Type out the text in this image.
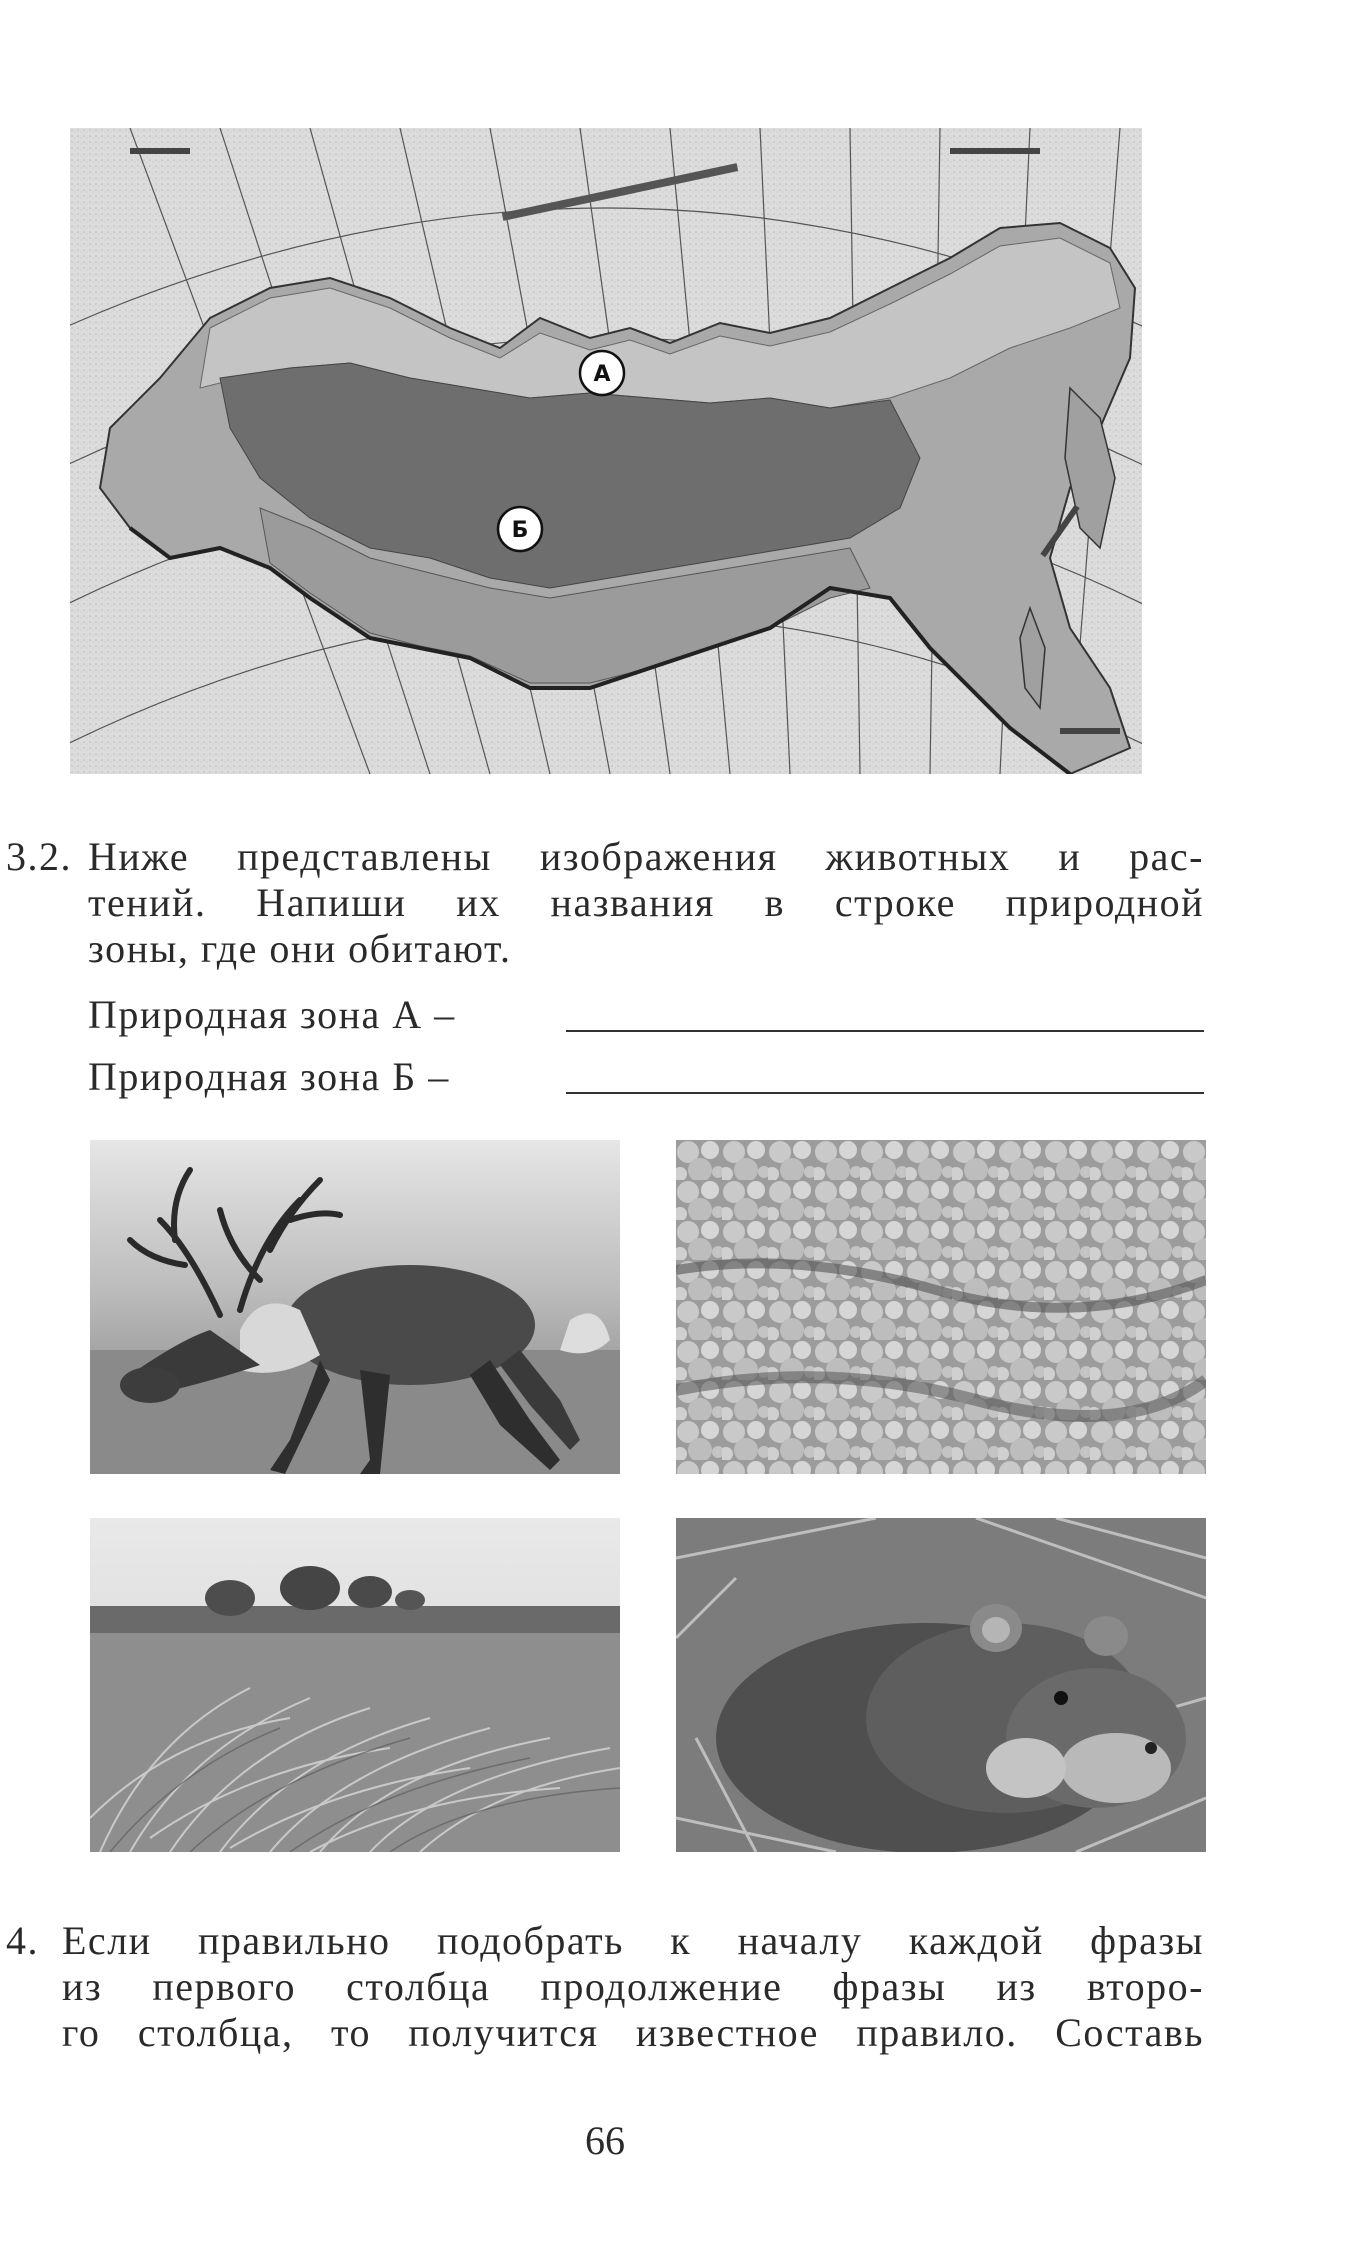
А
Б
3.2. Ниже представлены изображения животных и рас-
тений. Напиши их названия в строке природной
зоны, где они обитают.
Природная зона А –
Природная зона Б –
4. Если правильно подобрать к началу каждой фразы
из первого столбца продолжение фразы из второ-
го столбца, то получится известное правило. Составь
66
